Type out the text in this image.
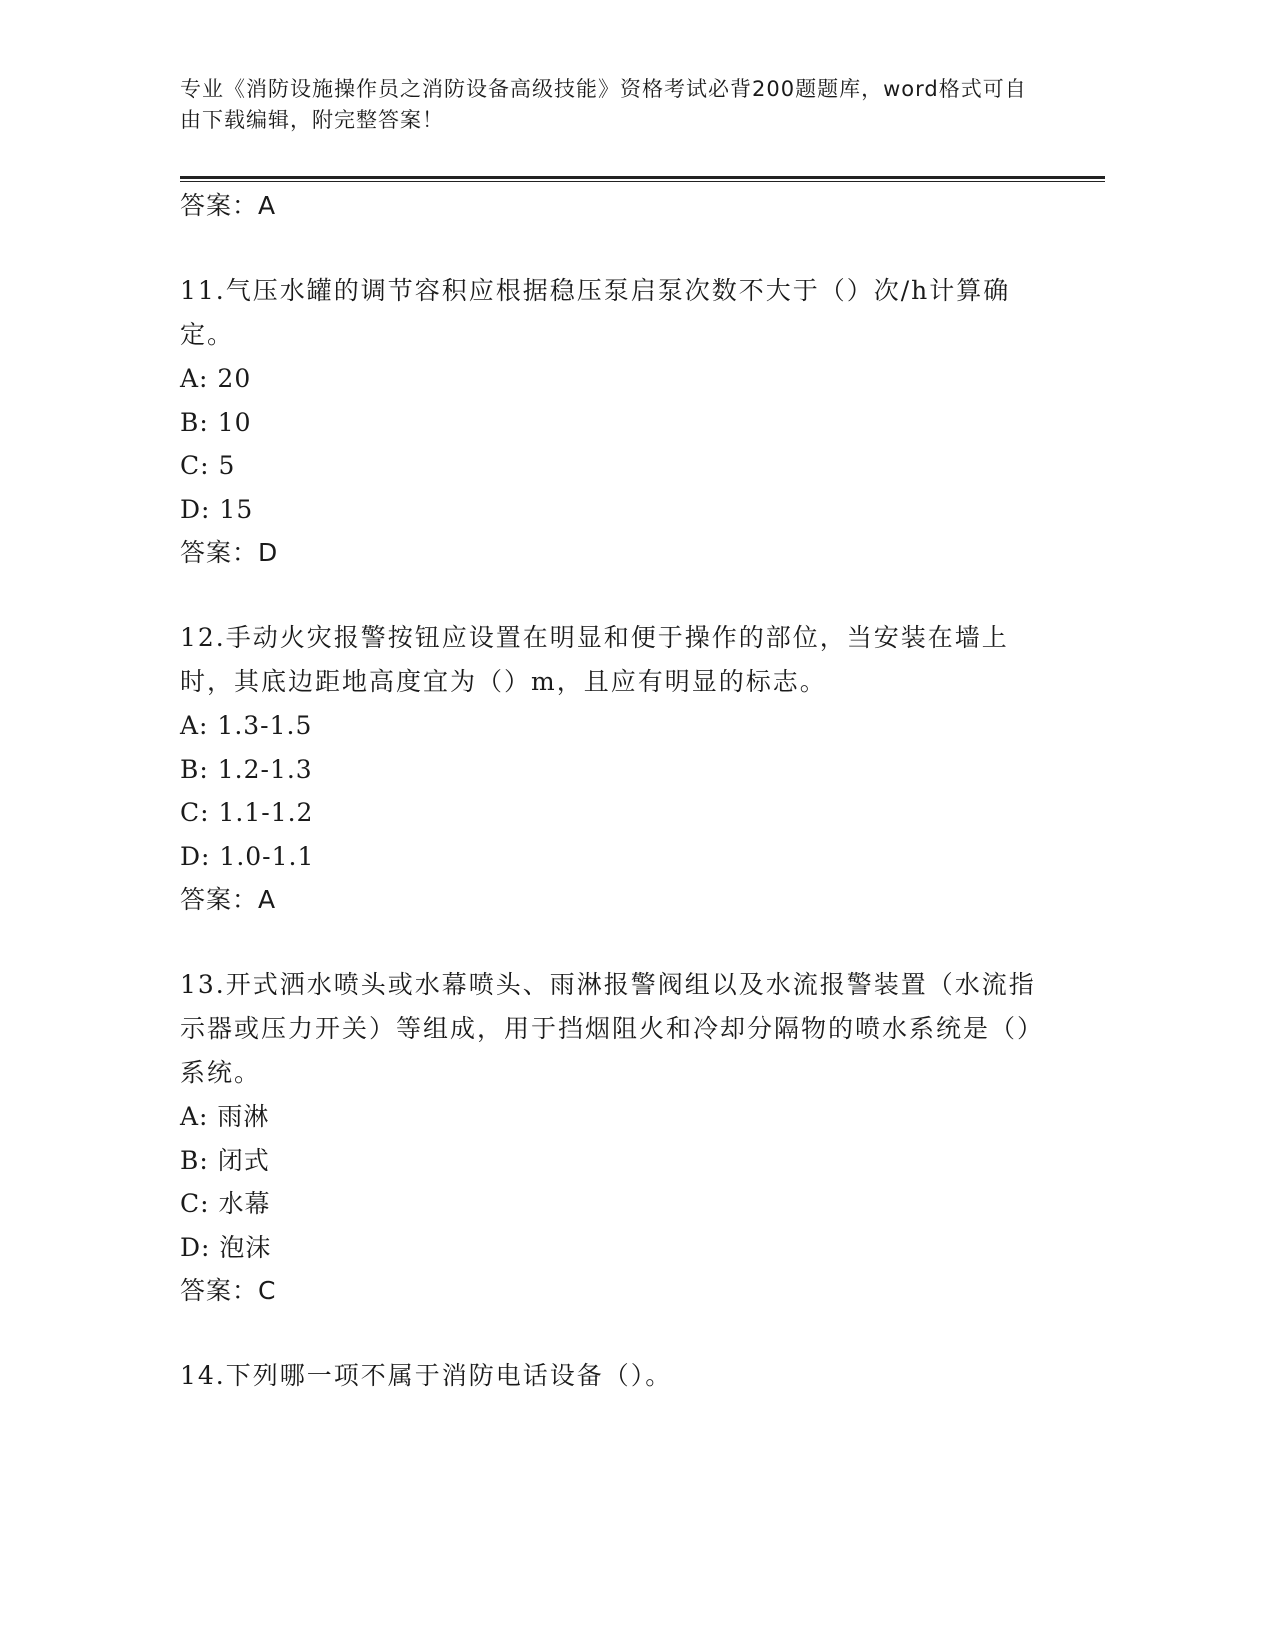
专业《消防设施操作员之消防设备高级技能》资格考试必背200题题库，word格式可自由下载编辑，附完整答案！
答案：A
11.气压水罐的调节容积应根据稳压泵启泵次数不大于（）次/h计算确定。
A: 20
B: 10
C: 5
D: 15
答案：D
12.手动火灾报警按钮应设置在明显和便于操作的部位，当安装在墙上时，其底边距地高度宜为（）m，且应有明显的标志。
A: 1.3-1.5
B: 1.2-1.3
C: 1.1-1.2
D: 1.0-1.1
答案：A
13.开式洒水喷头或水幕喷头、雨淋报警阀组以及水流报警装置（水流指示器或压力开关）等组成，用于挡烟阻火和冷却分隔物的喷水系统是（）系统。
A: 雨淋
B: 闭式
C: 水幕
D: 泡沫
答案：C
14.下列哪一项不属于消防电话设备（）。
